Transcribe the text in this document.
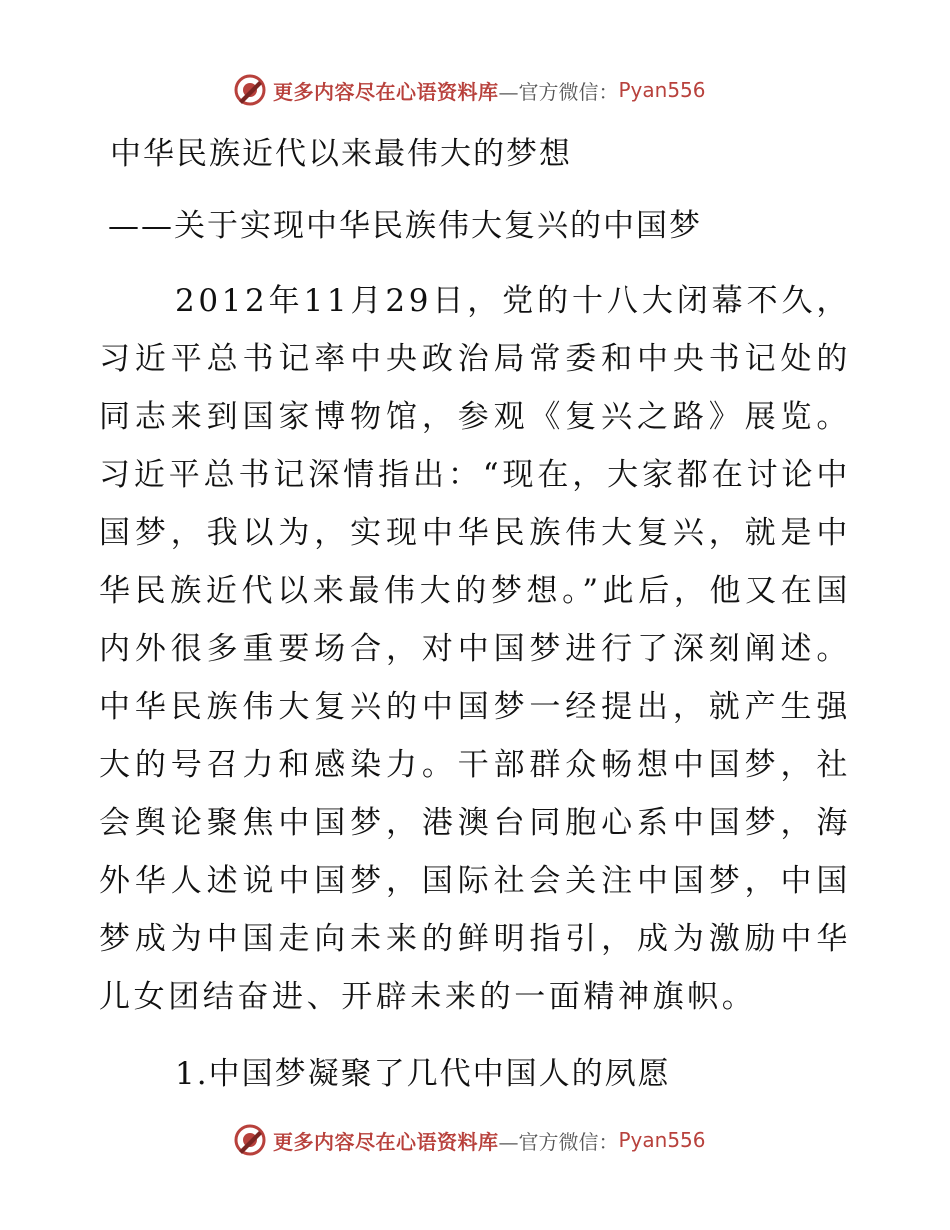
更多内容尽在心语资料库 —官方微信： Pyan556
中华民族近代以来最伟大的梦想
——关于实现中华民族伟大复兴的中国梦

2012年11月29日，党的十八大闭幕不久，习近平总书记率中央政治局常委和中央书记处的同志来到国家博物馆，参观《复兴之路》展览。习近平总书记深情指出：“现在，大家都在讨论中国梦，我以为，实现中华民族伟大复兴，就是中华民族近代以来最伟大的梦想。”此后，他又在国内外很多重要场合，对中国梦进行了深刻阐述。中华民族伟大复兴的中国梦一经提出，就产生强大的号召力和感染力。干部群众畅想中国梦，社会舆论聚焦中国梦，港澳台同胞心系中国梦，海外华人述说中国梦，国际社会关注中国梦，中国梦成为中国走向未来的鲜明指引，成为激励中华儿女团结奋进、开辟未来的一面精神旗帜。

1.中国梦凝聚了几代中国人的夙愿
更多内容尽在心语资料库 —官方微信： Pyan556
